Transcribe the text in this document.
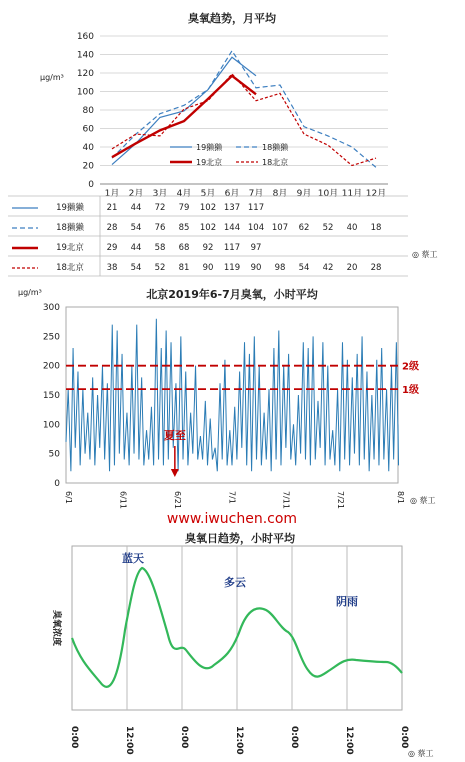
臭氧趋势，月平均
μg/m³
0
20
40
60
80
100
120
140
160
1月 2月 3月 4月 5月 6月 7月 8月 9月 10月 11月 12月
19獭獭	18獭獭
19北京	18北京
19獭獭	21 44 72 79 102 137 117
18獭獭	28 54 76 85 102 144 104 107 62 52 40 18
19北京	29 44 58 68 92 117 97
18北京	38 54 52 81 90 119 90 98 54 42 20 28
◎ 蔡工
北京2019年6-7月臭氧，小时平均
μg/m³
0
50
100
150
200
250
300
6/1	6/11	6/21	7/1	7/11	7/21	8/1
2级
1级
夏至
◎ 蔡工
www.iwuchen.com
臭氧日趋势，小时平均
臭氧浓度
0:00	12:00	0:00	12:00	0:00	12:00	0:00
蓝天
多云
阴雨
◎ 蔡工
